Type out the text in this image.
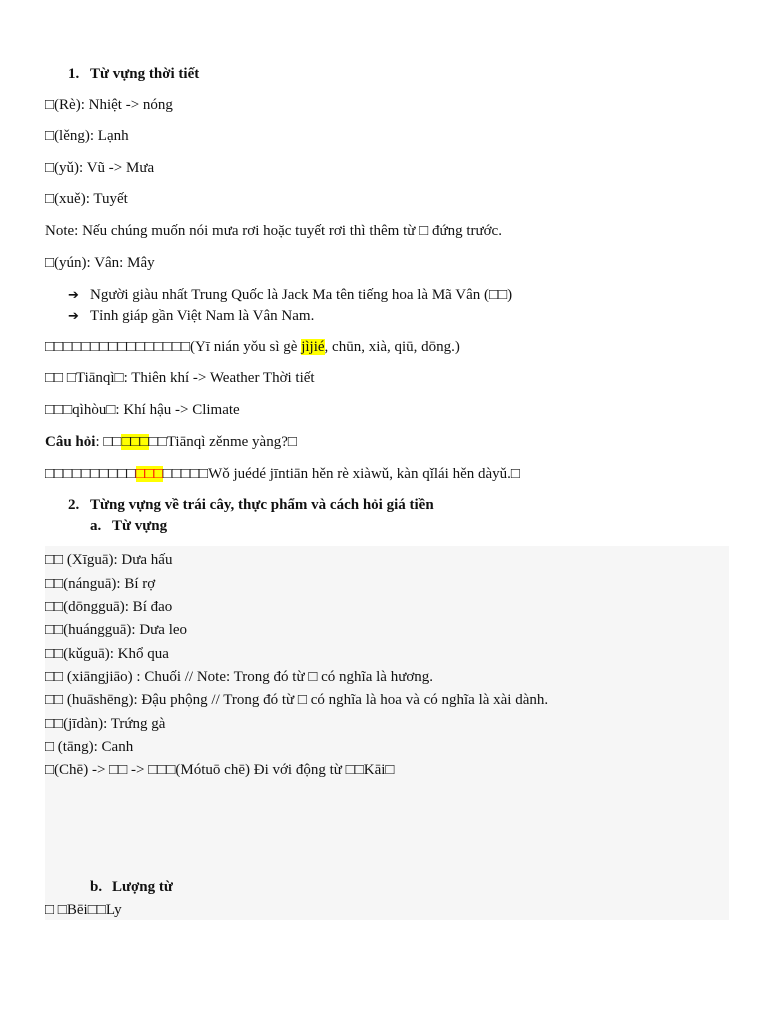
1. Từ vựng thời tiết
□(Rè): Nhiệt -> nóng
□(lěng): Lạnh
□(yǔ): Vũ -> Mưa
□(xuě): Tuyết
Note: Nếu chúng muốn nói mưa rơi hoặc tuyết rơi thì thêm từ □ đứng trước.
□(yún): Vân: Mây
➔ Người giàu nhất Trung Quốc là Jack Ma tên tiếng hoa là Mã Vân (□□)
➔ Tỉnh giáp gần Việt Nam là Vân Nam.
□□□□□□□□□□□□□□□□(Yī nián yǒu sì gè jìjié, chūn, xià, qiū, dōng.)
□□ □Tiānqì□: Thiên khí -> Weather Thời tiết
□□□qìhòu□: Khí hậu -> Climate
Câu hỏi: □□□□□□□Tiānqì zěnme yàng?□
□□□□□□□□□□□□□□□□□□Wǒ juédé jīntiān hěn rè xiàwǔ, kàn qǐlái hěn dàyǔ.□
2. Từng vựng về trái cây, thực phẩm và cách hỏi giá tiền
a. Từ vựng
□□ (Xīguā): Dưa hấu
□□(nánguā): Bí rợ
□□(dōngguā): Bí đao
□□(huángguā): Dưa leo
□□(kǔguā): Khổ qua
□□ (xiāngjiāo) : Chuối // Note: Trong đó từ □ có nghĩa là hương.
□□ (huāshēng): Đậu phộng // Trong đó từ □ có nghĩa là hoa và có nghĩa là xài dành.
□□(jīdàn): Trứng gà
□ (tāng): Canh
□(Chē) -> □□ -> □□□(Mótuō chē) Đi với động từ □□Kāi□
b. Lượng từ
□ □Bēi□□Ly
